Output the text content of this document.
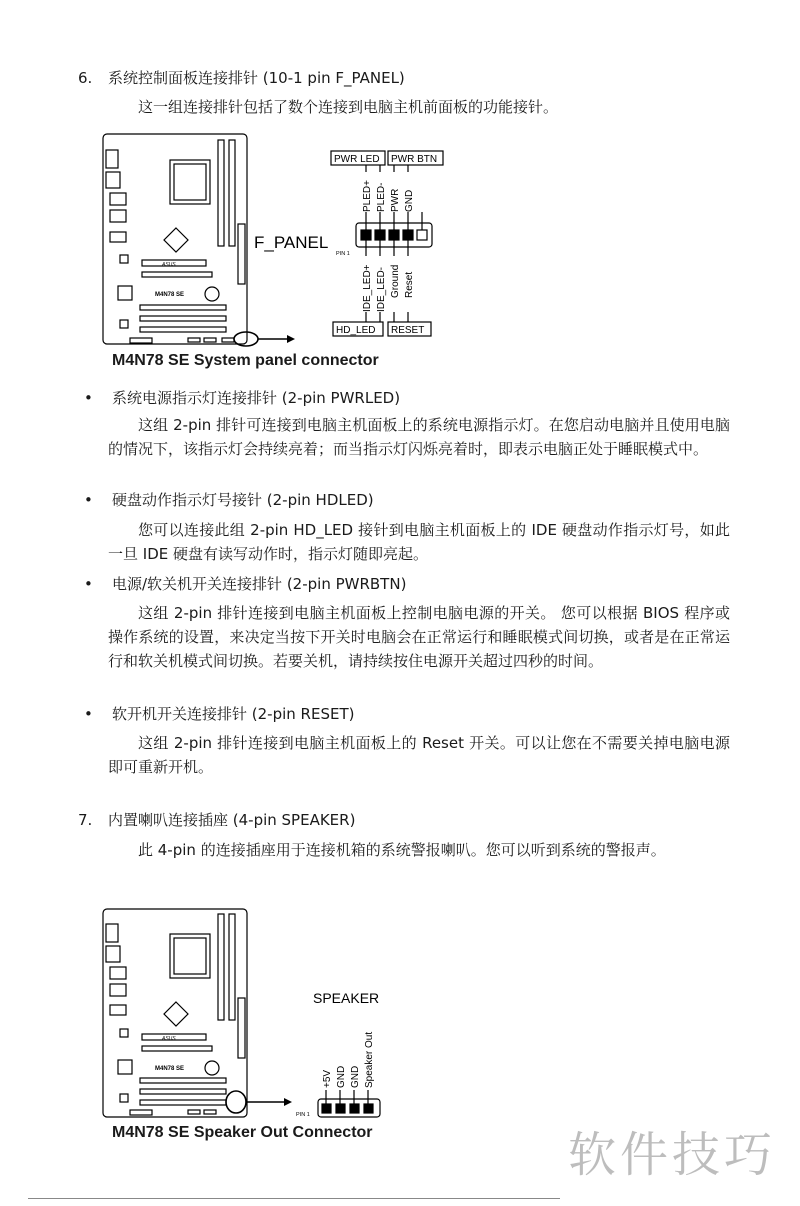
6. 系统控制面板连接排针 (10-1 pin F_PANEL)
这一组连接排针包括了数个连接到电脑主机前面板的功能接针。
M4N78 SE
ASUS
F_PANEL
PIN 1
PWR LED PWR BTN
HD_LED RESET
PLED+ PLED- PWR GND
IDE_LED+ IDE_LED- Ground Reset
M4N78 SE
ASUS
SPEAKER
PIN 1
+5V GND GND Speaker Out
M4N78 SE System panel connector
• 系统电源指示灯连接排针 (2-pin PWRLED)
这组 2-pin 排针可连接到电脑主机面板上的系统电源指示灯。在您启动电脑并且使用电脑的情况下，该指示灯会持续亮着；而当指示灯闪烁亮着时，即表示电脑正处于睡眠模式中。
• 硬盘动作指示灯号接针 (2-pin HDLED)
您可以连接此组 2-pin HD_LED 接针到电脑主机面板上的 IDE 硬盘动作指示灯号，如此一旦 IDE 硬盘有读写动作时，指示灯随即亮起。
• 电源/软关机开关连接排针 (2-pin PWRBTN)
这组 2-pin 排针连接到电脑主机面板上控制电脑电源的开关。 您可以根据 BIOS 程序或操作系统的设置，来决定当按下开关时电脑会在正常运行和睡眠模式间切换，或者是在正常运行和软关机模式间切换。若要关机，请持续按住电源开关超过四秒的时间。
• 软开机开关连接排针 (2-pin RESET)
这组 2-pin 排针连接到电脑主机面板上的 Reset 开关。可以让您在不需要关掉电脑电源即可重新开机。
7. 内置喇叭连接插座 (4-pin SPEAKER)
此 4-pin 的连接插座用于连接机箱的系统警报喇叭。您可以听到系统的警报声。
M4N78 SE Speaker Out Connector	软件技巧
